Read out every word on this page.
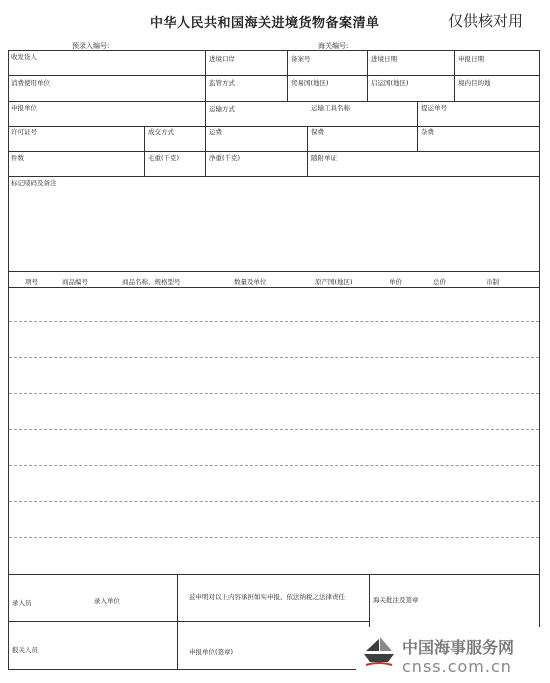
中华人民共和国海关进境货物备案清单	仅供核对用
预录入编号:	海关编号:
收发货人	进境口岸	备案号	进境日期	申报日期
消费使用单位	监管方式	贸易国(地区)	启运国(地区)	境内目的地
申报单位	运输方式	运输工具名称	提运单号
许可证号	成交方式	运费	保费	杂费
件数	毛重(千克)	净重(千克)	随附单证
标记唛码及备注
项号	商品编号	商品名称、规格型号	数量及单位	原产国(地区)	单价	总价	币制
录入员	录入单位	兹申明对以上内容承担如实申报、依法纳税之法律责任	海关批注及签章
报关人员	申报单位(签章)	中国海事服务网
cnss.com.cn
